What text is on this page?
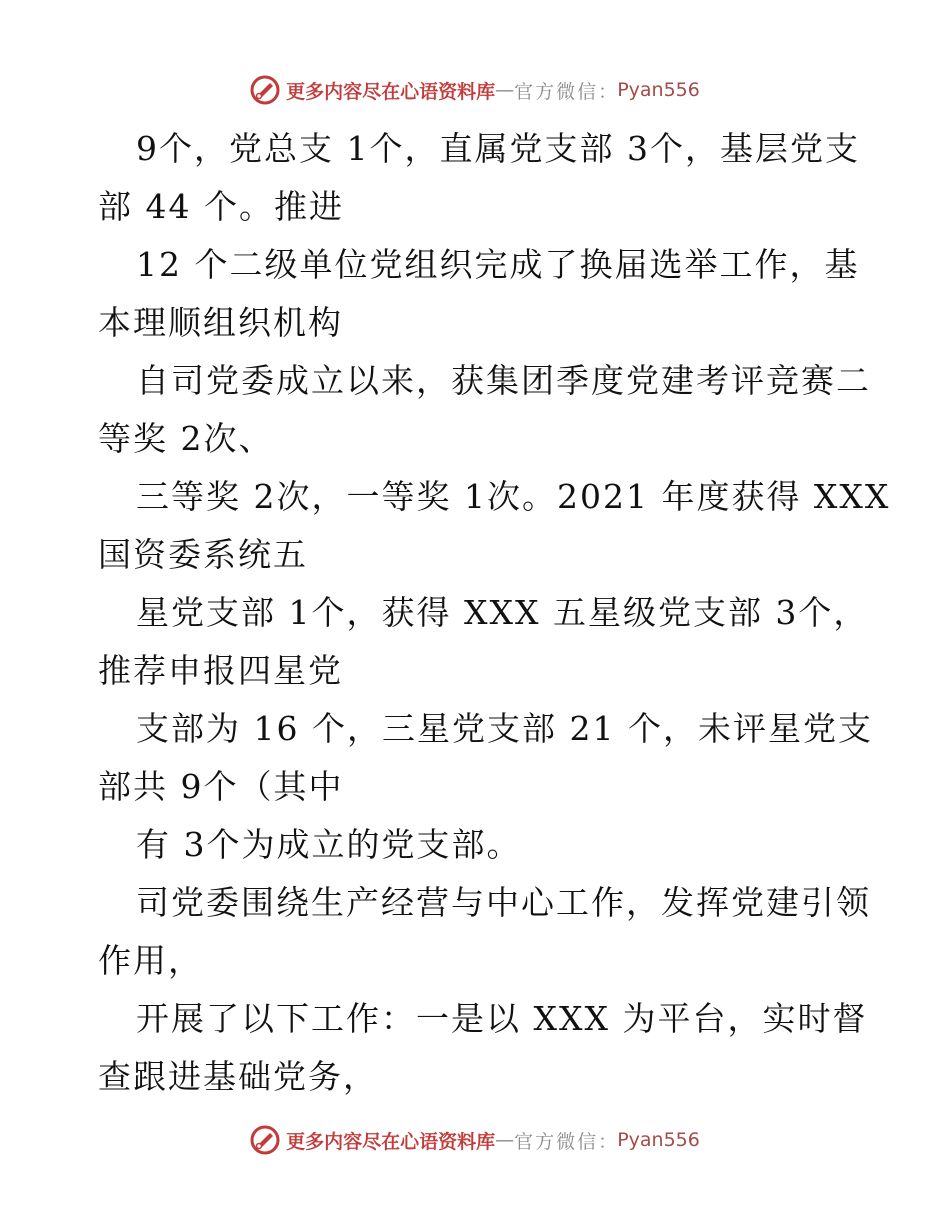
更多内容尽在心语资料库 — 官方微信 ： Pyan556
9个，党总支 1个，直属党支部 3个，基层党支
部 44 个。推进
12 个二级单位党组织完成了换届选举工作，基
本理顺组织机构
自司党委成立以来，获集团季度党建考评竞赛二
等奖 2次、
三等奖 2次，一等奖 1次。2021 年度获得 XXX
国资委系统五
星党支部 1个，获得 XXX 五星级党支部 3个，
推荐申报四星党
支部为 16 个，三星党支部 21 个，未评星党支
部共 9个（其中
有 3个为成立的党支部。
司党委围绕生产经营与中心工作，发挥党建引领
作用，
开展了以下工作：一是以 XXX 为平台，实时督
查跟进基础党务，
更多内容尽在心语资料库 — 官方微信 ： Pyan556
